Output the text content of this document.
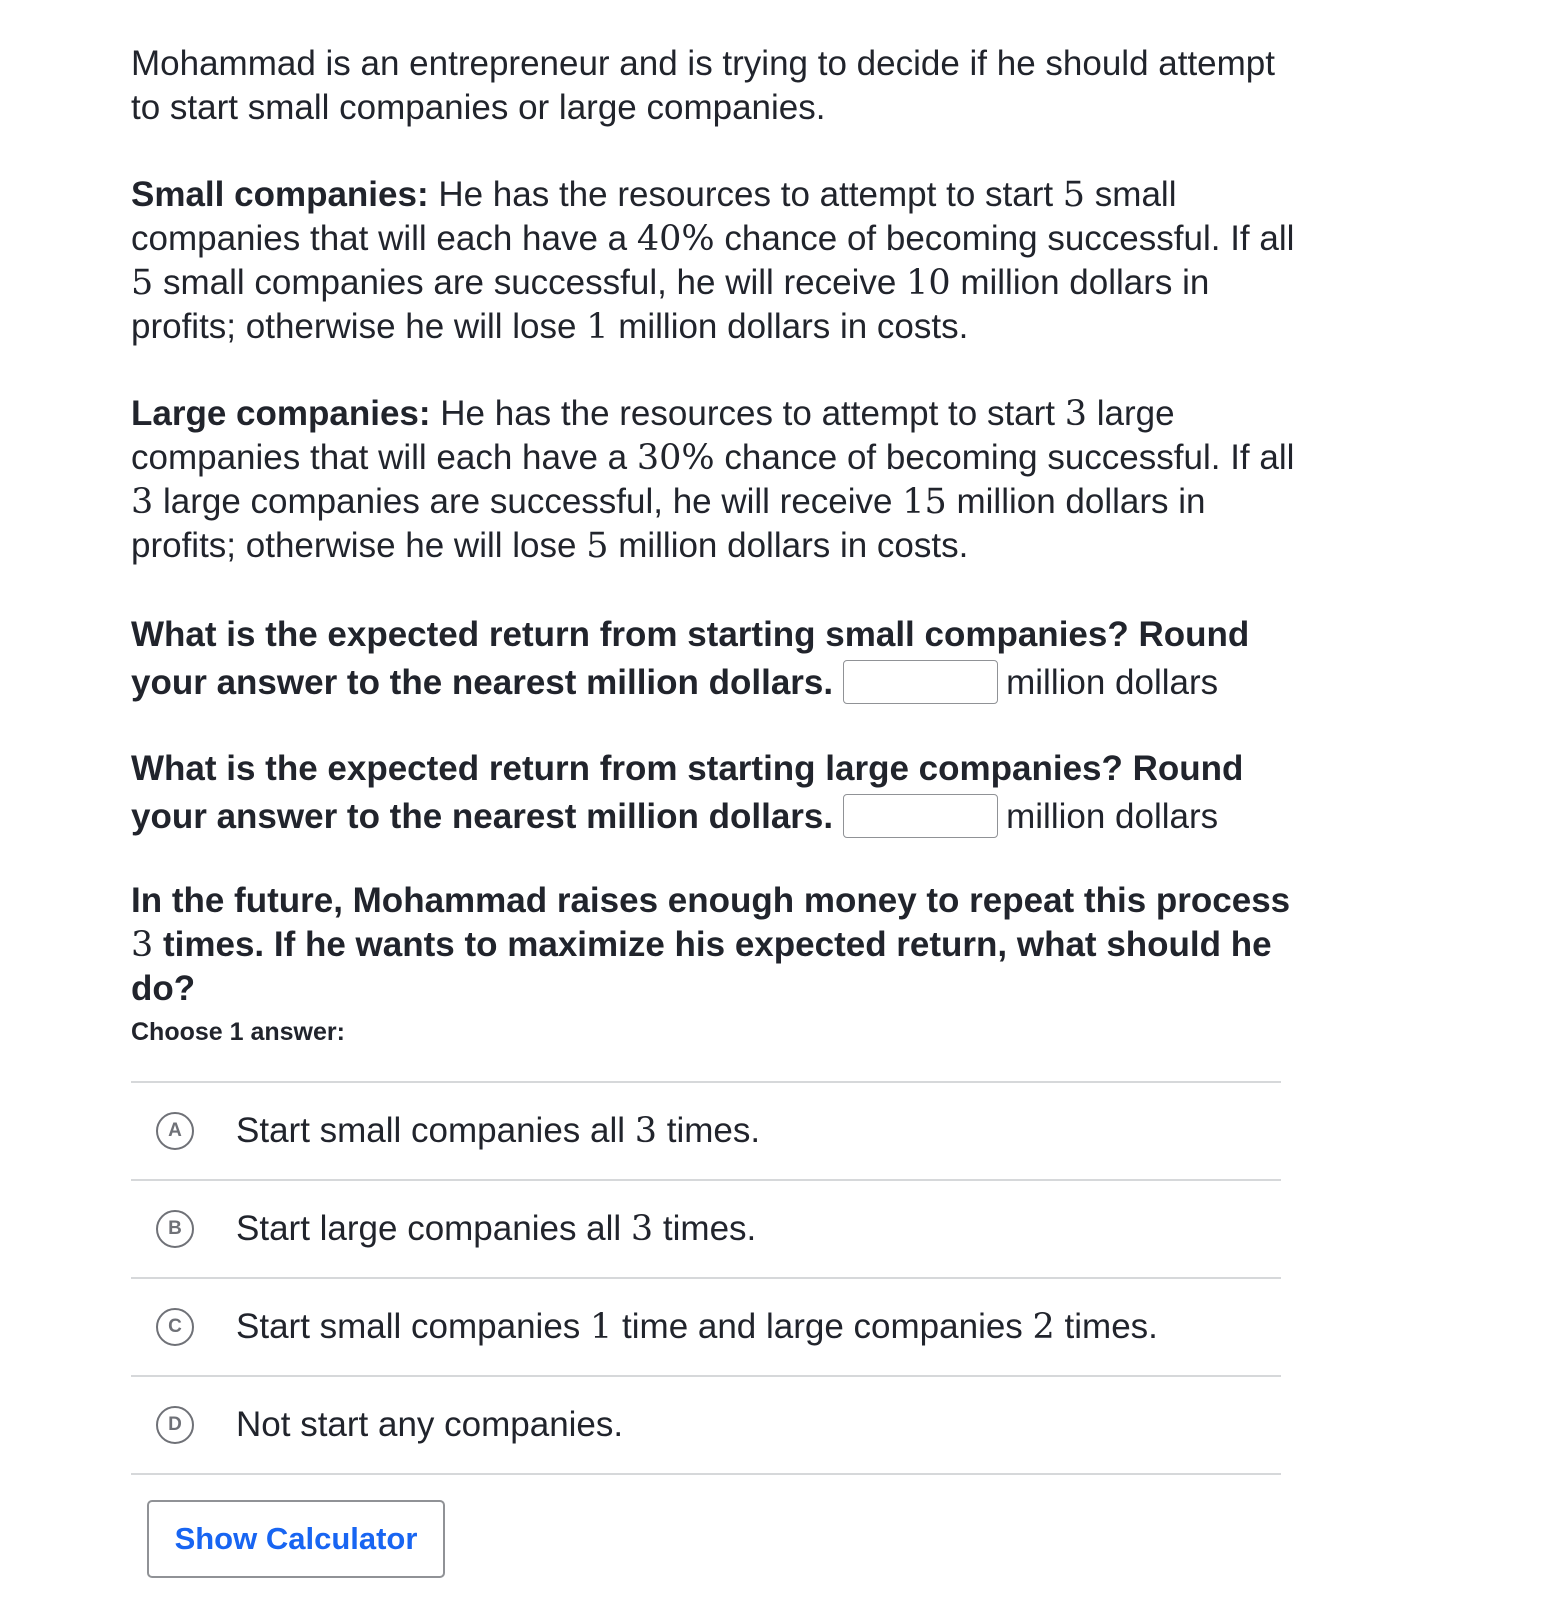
Mohammad is an entrepreneur and is trying to decide if he should attempt to start small companies or large companies.

Small companies: He has the resources to attempt to start 5 small companies that will each have a 40% chance of becoming successful. If all 5 small companies are successful, he will receive 10 million dollars in profits; otherwise he will lose 1 million dollars in costs.

Large companies: He has the resources to attempt to start 3 large companies that will each have a 30% chance of becoming successful. If all 3 large companies are successful, he will receive 15 million dollars in profits; otherwise he will lose 5 million dollars in costs.

What is the expected return from starting small companies? Round your answer to the nearest million dollars.	million dollars

What is the expected return from starting large companies? Round your answer to the nearest million dollars.	million dollars

In the future, Mohammad raises enough money to repeat this process 3 times. If he wants to maximize his expected return, what should he do?

Choose 1 answer:
A	Start small companies all 3 times.
B	Start large companies all 3 times.
C	Start small companies 1 time and large companies 2 times.
D	Not start any companies.
Show Calculator
